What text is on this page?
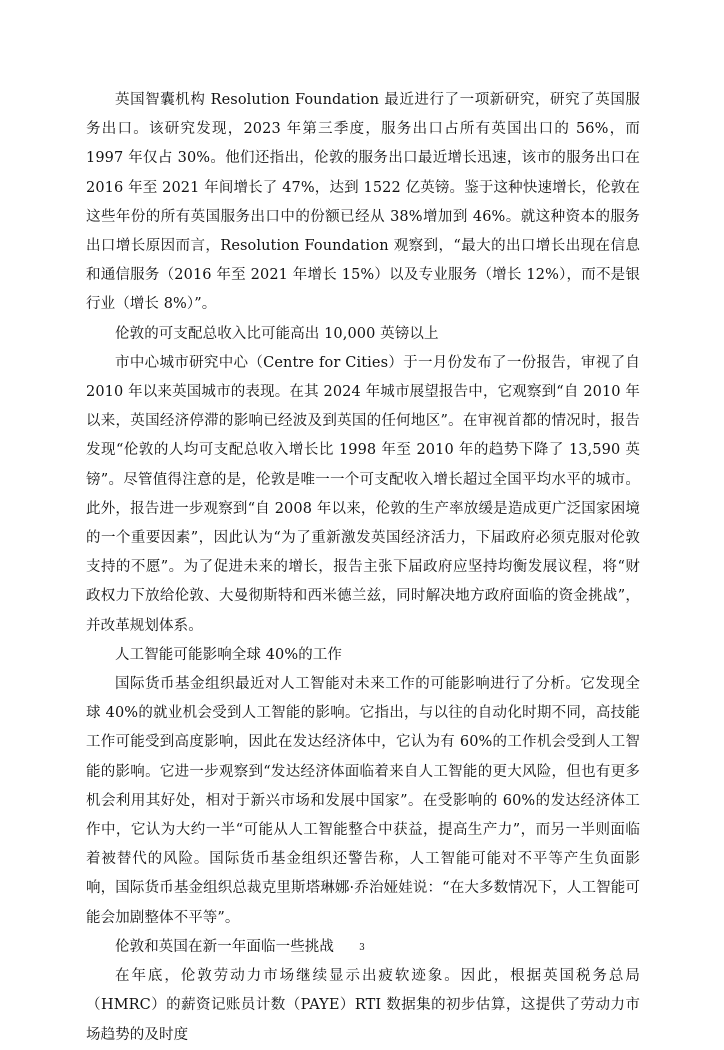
英国智囊机构 Resolution Foundation 最近进行了一项新研究，研究了英国服务出口。该研究发现，2023 年第三季度，服务出口占所有英国出口的 56%，而 1997 年仅占 30%。他们还指出，伦敦的服务出口最近增长迅速，该市的服务出口在 2016 年至 2021 年间增长了 47%，达到 1522 亿英镑。鉴于这种快速增长，伦敦在这些年份的所有英国服务出口中的份额已经从 38%增加到 46%。就这种资本的服务出口增长原因而言，Resolution Foundation 观察到，“最大的出口增长出现在信息和通信服务（2016 年至 2021 年增长 15%）以及专业服务（增长 12%），而不是银行业（增长 8%）”。

伦敦的可支配总收入比可能高出 10,000 英镑以上

市中心城市研究中心（Centre for Cities）于一月份发布了一份报告，审视了自 2010 年以来英国城市的表现。在其 2024 年城市展望报告中，它观察到“自 2010 年以来，英国经济停滞的影响已经波及到英国的任何地区”。在审视首都的情况时，报告发现“伦敦的人均可支配总收入增长比 1998 年至 2010 年的趋势下降了 13,590 英镑”。尽管值得注意的是，伦敦是唯一一个可支配收入增长超过全国平均水平的城市。此外，报告进一步观察到“自 2008 年以来，伦敦的生产率放缓是造成更广泛国家困境的一个重要因素”，因此认为“为了重新激发英国经济活力，下届政府必须克服对伦敦支持的不愿”。为了促进未来的增长，报告主张下届政府应坚持均衡发展议程，将“财政权力下放给伦敦、大曼彻斯特和西米德兰兹，同时解决地方政府面临的资金挑战”，并改革规划体系。

人工智能可能影响全球 40%的工作

国际货币基金组织最近对人工智能对未来工作的可能影响进行了分析。它发现全球 40%的就业机会受到人工智能的影响。它指出，与以往的自动化时期不同，高技能工作可能受到高度影响，因此在发达经济体中，它认为有 60%的工作机会受到人工智能的影响。它进一步观察到“发达经济体面临着来自人工智能的更大风险，但也有更多机会利用其好处，相对于新兴市场和发展中国家”。在受影响的 60%的发达经济体工作中，它认为大约一半“可能从人工智能整合中获益，提高生产力”，而另一半则面临着被替代的风险。国际货币基金组织还警告称，人工智能可能对不平等产生负面影响，国际货币基金组织总裁克里斯塔琳娜·乔治娅娃说：“在大多数情况下，人工智能可能会加剧整体不平等”。

伦敦和英国在新一年面临一些挑战

在年底，伦敦劳动力市场继续显示出疲软迹象。因此，根据英国税务总局（HMRC）的薪资记账员计数（PAYE）RTI 数据集的初步估算，这提供了劳动力市场趋势的及时度

3
